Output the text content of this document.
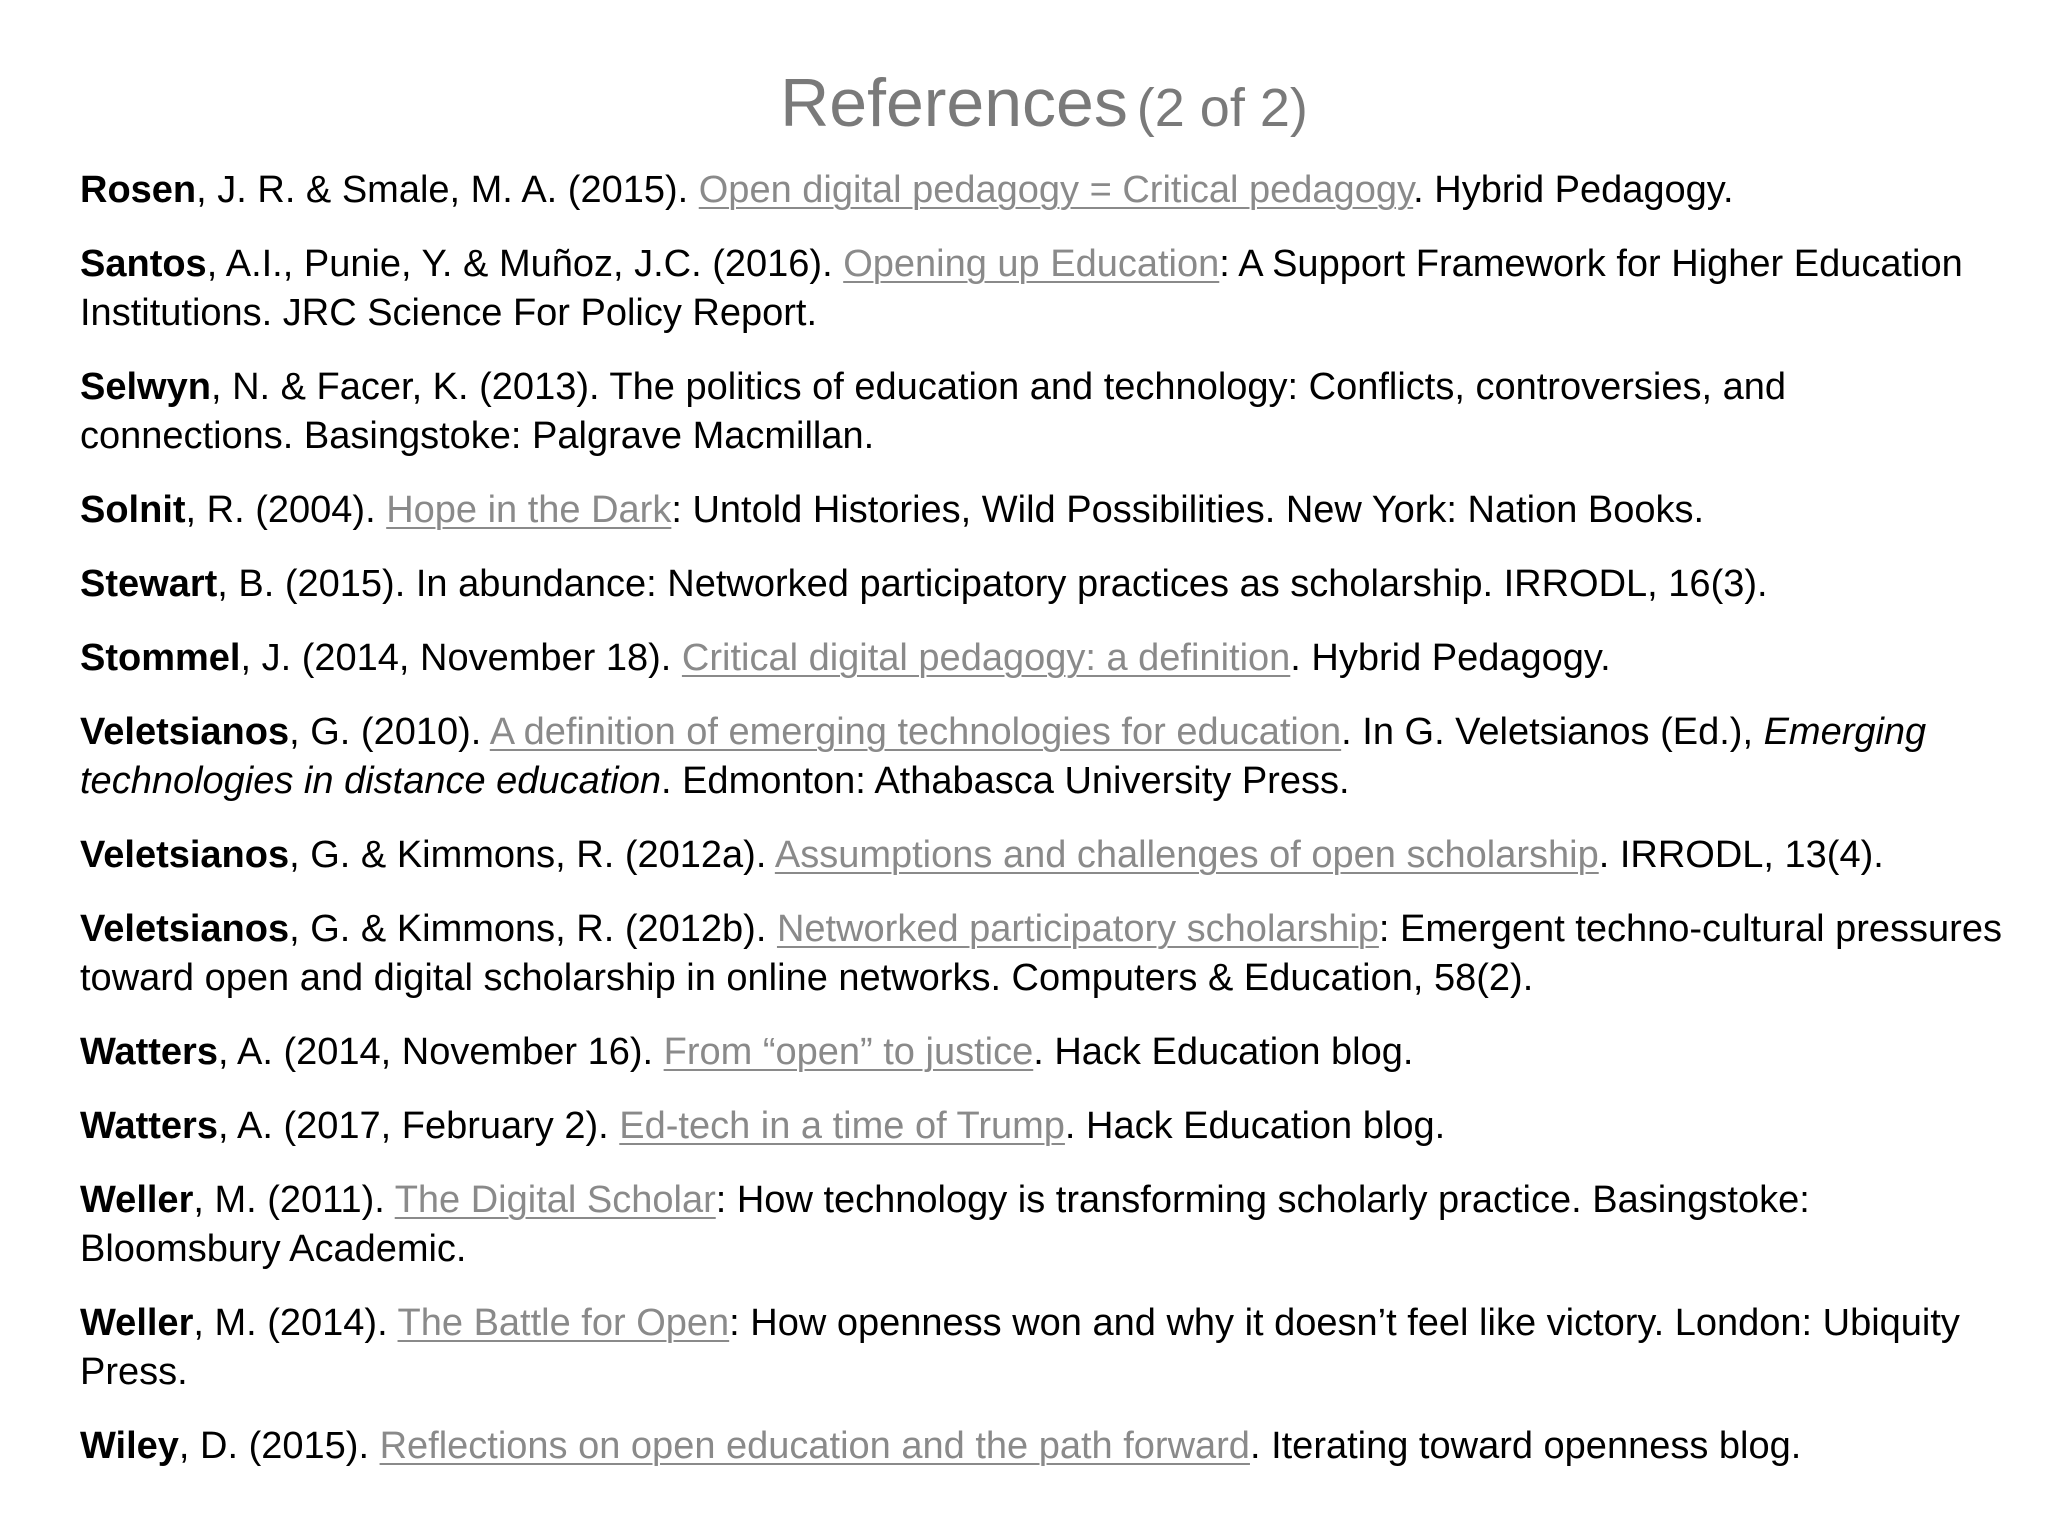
References (2 of 2)
Rosen, J. R. & Smale, M. A. (2015). Open digital pedagogy = Critical pedagogy. Hybrid Pedagogy.
Santos, A.I., Punie, Y. & Muñoz, J.C. (2016). Opening up Education: A Support Framework for Higher Education Institutions. JRC Science For Policy Report.
Selwyn, N. & Facer, K. (2013). The politics of education and technology: Conflicts, controversies, and connections. Basingstoke: Palgrave Macmillan.
Solnit, R. (2004). Hope in the Dark: Untold Histories, Wild Possibilities. New York: Nation Books.
Stewart, B. (2015). In abundance: Networked participatory practices as scholarship. IRRODL, 16(3).
Stommel, J. (2014, November 18). Critical digital pedagogy: a definition. Hybrid Pedagogy.
Veletsianos, G. (2010). A definition of emerging technologies for education. In G. Veletsianos (Ed.), Emerging technologies in distance education. Edmonton: Athabasca University Press.
Veletsianos, G. & Kimmons, R. (2012a). Assumptions and challenges of open scholarship. IRRODL, 13(4).
Veletsianos, G. & Kimmons, R. (2012b). Networked participatory scholarship: Emergent techno-cultural pressures toward open and digital scholarship in online networks. Computers & Education, 58(2).
Watters, A. (2014, November 16). From “open” to justice. Hack Education blog.
Watters, A. (2017, February 2). Ed-tech in a time of Trump. Hack Education blog.
Weller, M. (2011). The Digital Scholar: How technology is transforming scholarly practice. Basingstoke: Bloomsbury Academic.
Weller, M. (2014). The Battle for Open: How openness won and why it doesn’t feel like victory. London: Ubiquity Press.
Wiley, D. (2015). Reflections on open education and the path forward. Iterating toward openness blog.
